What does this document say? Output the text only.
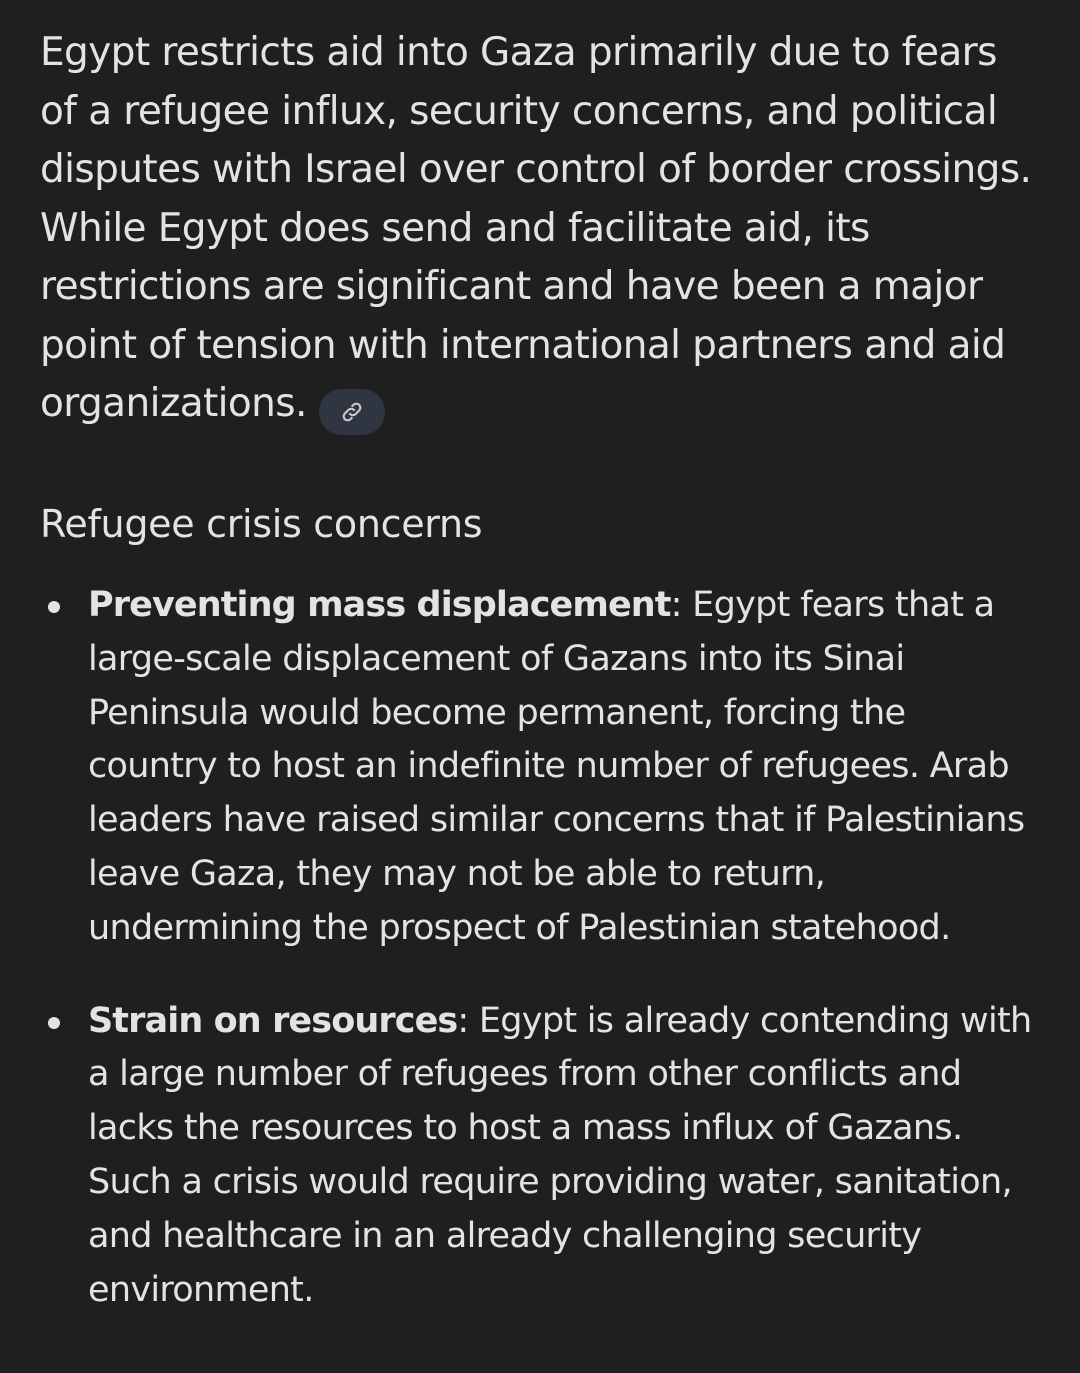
Egypt restricts aid into Gaza primarily due to fears of a refugee influx, security concerns, and political disputes with Israel over control of border crossings. While Egypt does send and facilitate aid, its restrictions are significant and have been a major point of tension with international partners and aid organizations.

Refugee crisis concerns
Preventing mass displacement: Egypt fears that a large-scale displacement of Gazans into its Sinai Peninsula would become permanent, forcing the country to host an indefinite number of refugees. Arab leaders have raised similar concerns that if Palestinians leave Gaza, they may not be able to return, undermining the prospect of Palestinian statehood.
Strain on resources: Egypt is already contending with a large number of refugees from other conflicts and lacks the resources to host a mass influx of Gazans. Such a crisis would require providing water, sanitation, and healthcare in an already challenging security environment.
